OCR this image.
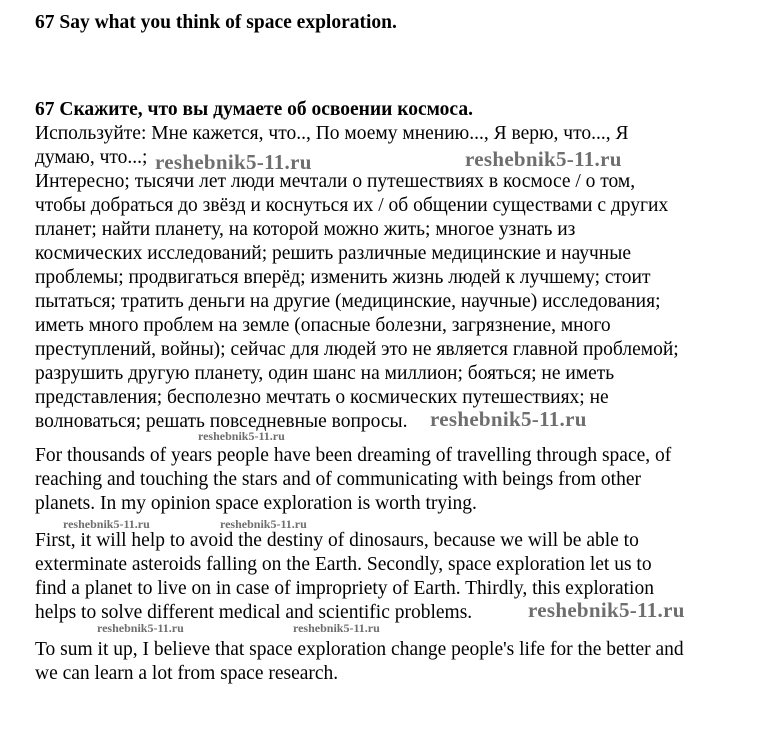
67 Say what you think of space exploration.
67 Скажите, что вы думаете об освоении космоса.
Используйте: Мне кажется, что.., По моему мнению..., Я верю, что..., Я
думаю, что...;
Интересно; тысячи лет люди мечтали о путешествиях в космосе / о том,
чтобы добраться до звёзд и коснуться их / об общении существами с других
планет; найти планету, на которой можно жить; многое узнать из
космических исследований; решить различные медицинские и научные
проблемы; продвигаться вперёд; изменить жизнь людей к лучшему; стоит
пытаться; тратить деньги на другие (медицинские, научные) исследования;
иметь много проблем на земле (опасные болезни, загрязнение, много
преступлений, войны); сейчас для людей это не является главной проблемой;
разрушить другую планету, один шанс на миллион; бояться; не иметь
представления; бесполезно мечтать о космических путешествиях; не
волноваться; решать повседневные вопросы.
For thousands of years people have been dreaming of travelling through space, of
reaching and touching the stars and of communicating with beings from other
planets. In my opinion space exploration is worth trying.
First, it will help to avoid the destiny of dinosaurs, because we will be able to
exterminate asteroids falling on the Earth. Secondly, space exploration let us to
find a planet to live on in case of impropriety of Earth. Thirdly, this exploration
helps to solve different medical and scientific problems.
To sum it up, I believe that space exploration change people's life for the better and
we can learn a lot from space research.
reshebnik5-11.ru	reshebnik5-11.ru
reshebnik5-11.ru
reshebnik5-11.ru
reshebnik5-11.ru	reshebnik5-11.ru
reshebnik5-11.ru
reshebnik5-11.ru	reshebnik5-11.ru
